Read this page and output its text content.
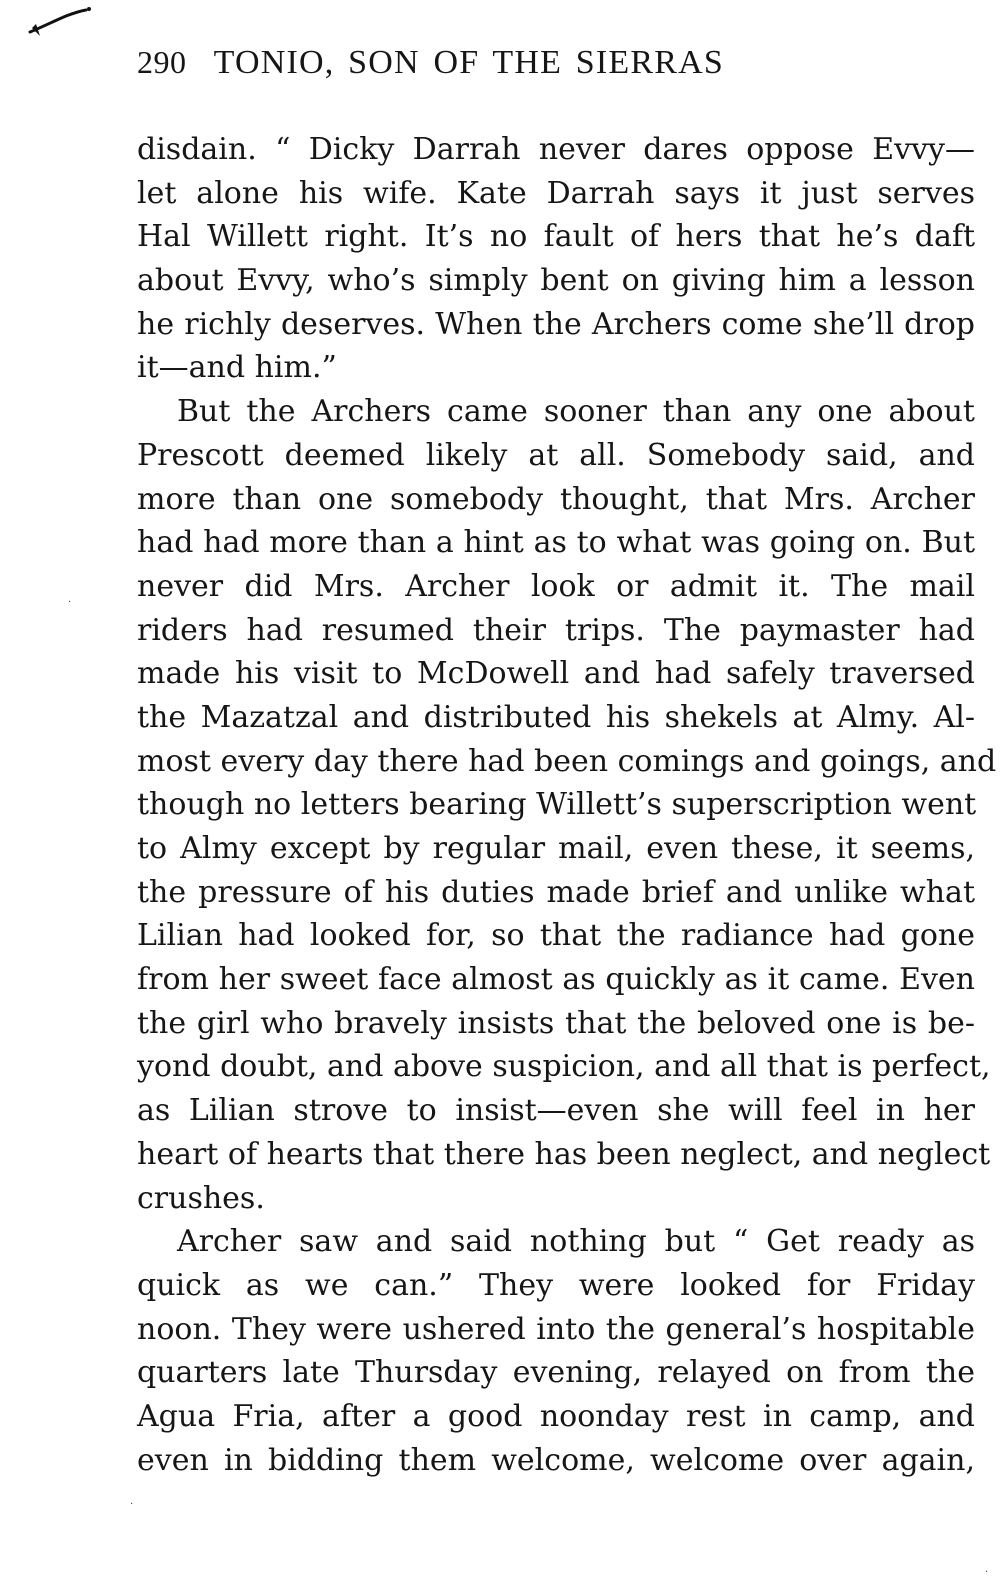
290 TONIO, SON OF THE SIERRAS
disdain. “ Dicky Darrah never dares oppose Evvy—
let alone his wife. Kate Darrah says it just serves
Hal Willett right. It’s no fault of hers that he’s daft
about Evvy, who’s simply bent on giving him a lesson
he richly deserves. When the Archers come she’ll drop
it—and him.”
But the Archers came sooner than any one about
Prescott deemed likely at all. Somebody said, and
more than one somebody thought, that Mrs. Archer
had had more than a hint as to what was going on. But
never did Mrs. Archer look or admit it. The mail
riders had resumed their trips. The paymaster had
made his visit to McDowell and had safely traversed
the Mazatzal and distributed his shekels at Almy. Al-
most every day there had been comings and goings, and
though no letters bearing Willett’s superscription went
to Almy except by regular mail, even these, it seems,
the pressure of his duties made brief and unlike what
Lilian had looked for, so that the radiance had gone
from her sweet face almost as quickly as it came. Even
the girl who bravely insists that the beloved one is be-
yond doubt, and above suspicion, and all that is perfect,
as Lilian strove to insist—even she will feel in her
heart of hearts that there has been neglect, and neglect
crushes.
Archer saw and said nothing but “ Get ready as
quick as we can.” They were looked for Friday
noon. They were ushered into the general’s hospitable
quarters late Thursday evening, relayed on from the
Agua Fria, after a good noonday rest in camp, and
even in bidding them welcome, welcome over again,
·
·
·
